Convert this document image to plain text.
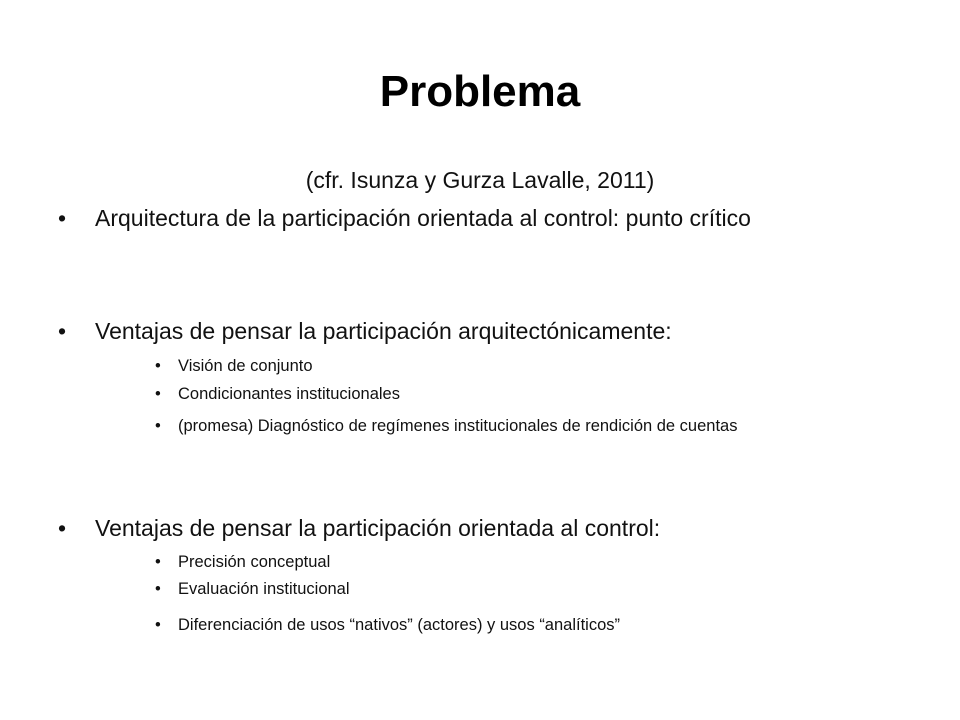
Problema
(cfr. Isunza y Gurza Lavalle, 2011)
• Arquitectura de la participación orientada al control: punto crítico
• Ventajas de pensar la participación arquitectónicamente:
• Visión de conjunto
• Condicionantes institucionales
• (promesa) Diagnóstico de regímenes institucionales de rendición de cuentas
• Ventajas de pensar la participación orientada al control:
• Precisión conceptual
• Evaluación institucional
• Diferenciación de usos “nativos” (actores) y usos “analíticos”
